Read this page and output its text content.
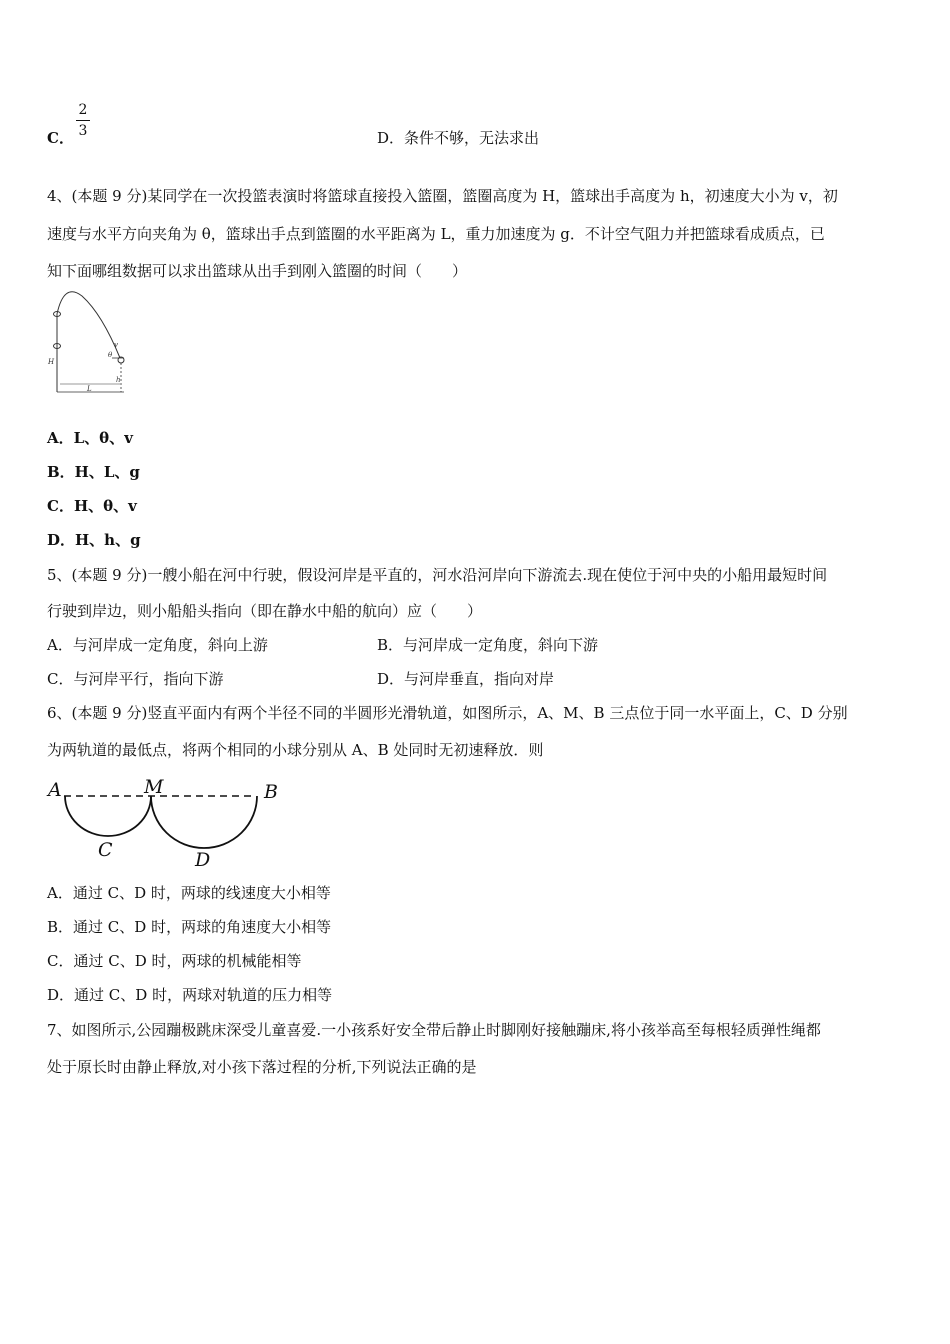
C．
2
3	D．条件不够，无法求出
4、(本题 9 分)某同学在一次投篮表演时将篮球直接投入篮圈，篮圈高度为 H，篮球出手高度为 h，初速度大小为 v，初
速度与水平方向夹角为 θ，篮球出手点到篮圈的水平距离为 L，重力加速度为 g．不计空气阻力并把篮球看成质点，已
知下面哪组数据可以求出篮球从出手到刚入篮圈的时间（　　）
H
h
L
v
θ
A．L、θ、v
B．H、L、g
C．H、θ、v
D．H、h、g
5、(本题 9 分)一艘小船在河中行驶，假设河岸是平直的，河水沿河岸向下游流去.现在使位于河中央的小船用最短时间
行驶到岸边，则小船船头指向（即在静水中船的航向）应（　　）
A．与河岸成一定角度，斜向上游	B．与河岸成一定角度，斜向下游
C．与河岸平行，指向下游	D．与河岸垂直，指向对岸
6、(本题 9 分)竖直平面内有两个半径不同的半圆形光滑轨道，如图所示，A、M、B 三点位于同一水平面上，C、D 分别
为两轨道的最低点，将两个相同的小球分别从 A、B 处同时无初速释放．则
A	M	B
C	D
A．通过 C、D 时，两球的线速度大小相等
B．通过 C、D 时，两球的角速度大小相等
C．通过 C、D 时，两球的机械能相等
D．通过 C、D 时，两球对轨道的压力相等
7、如图所示,公园蹦极跳床深受儿童喜爱.一小孩系好安全带后静止时脚刚好接触蹦床,将小孩举高至每根轻质弹性绳都
处于原长时由静止释放,对小孩下落过程的分析,下列说法正确的是
